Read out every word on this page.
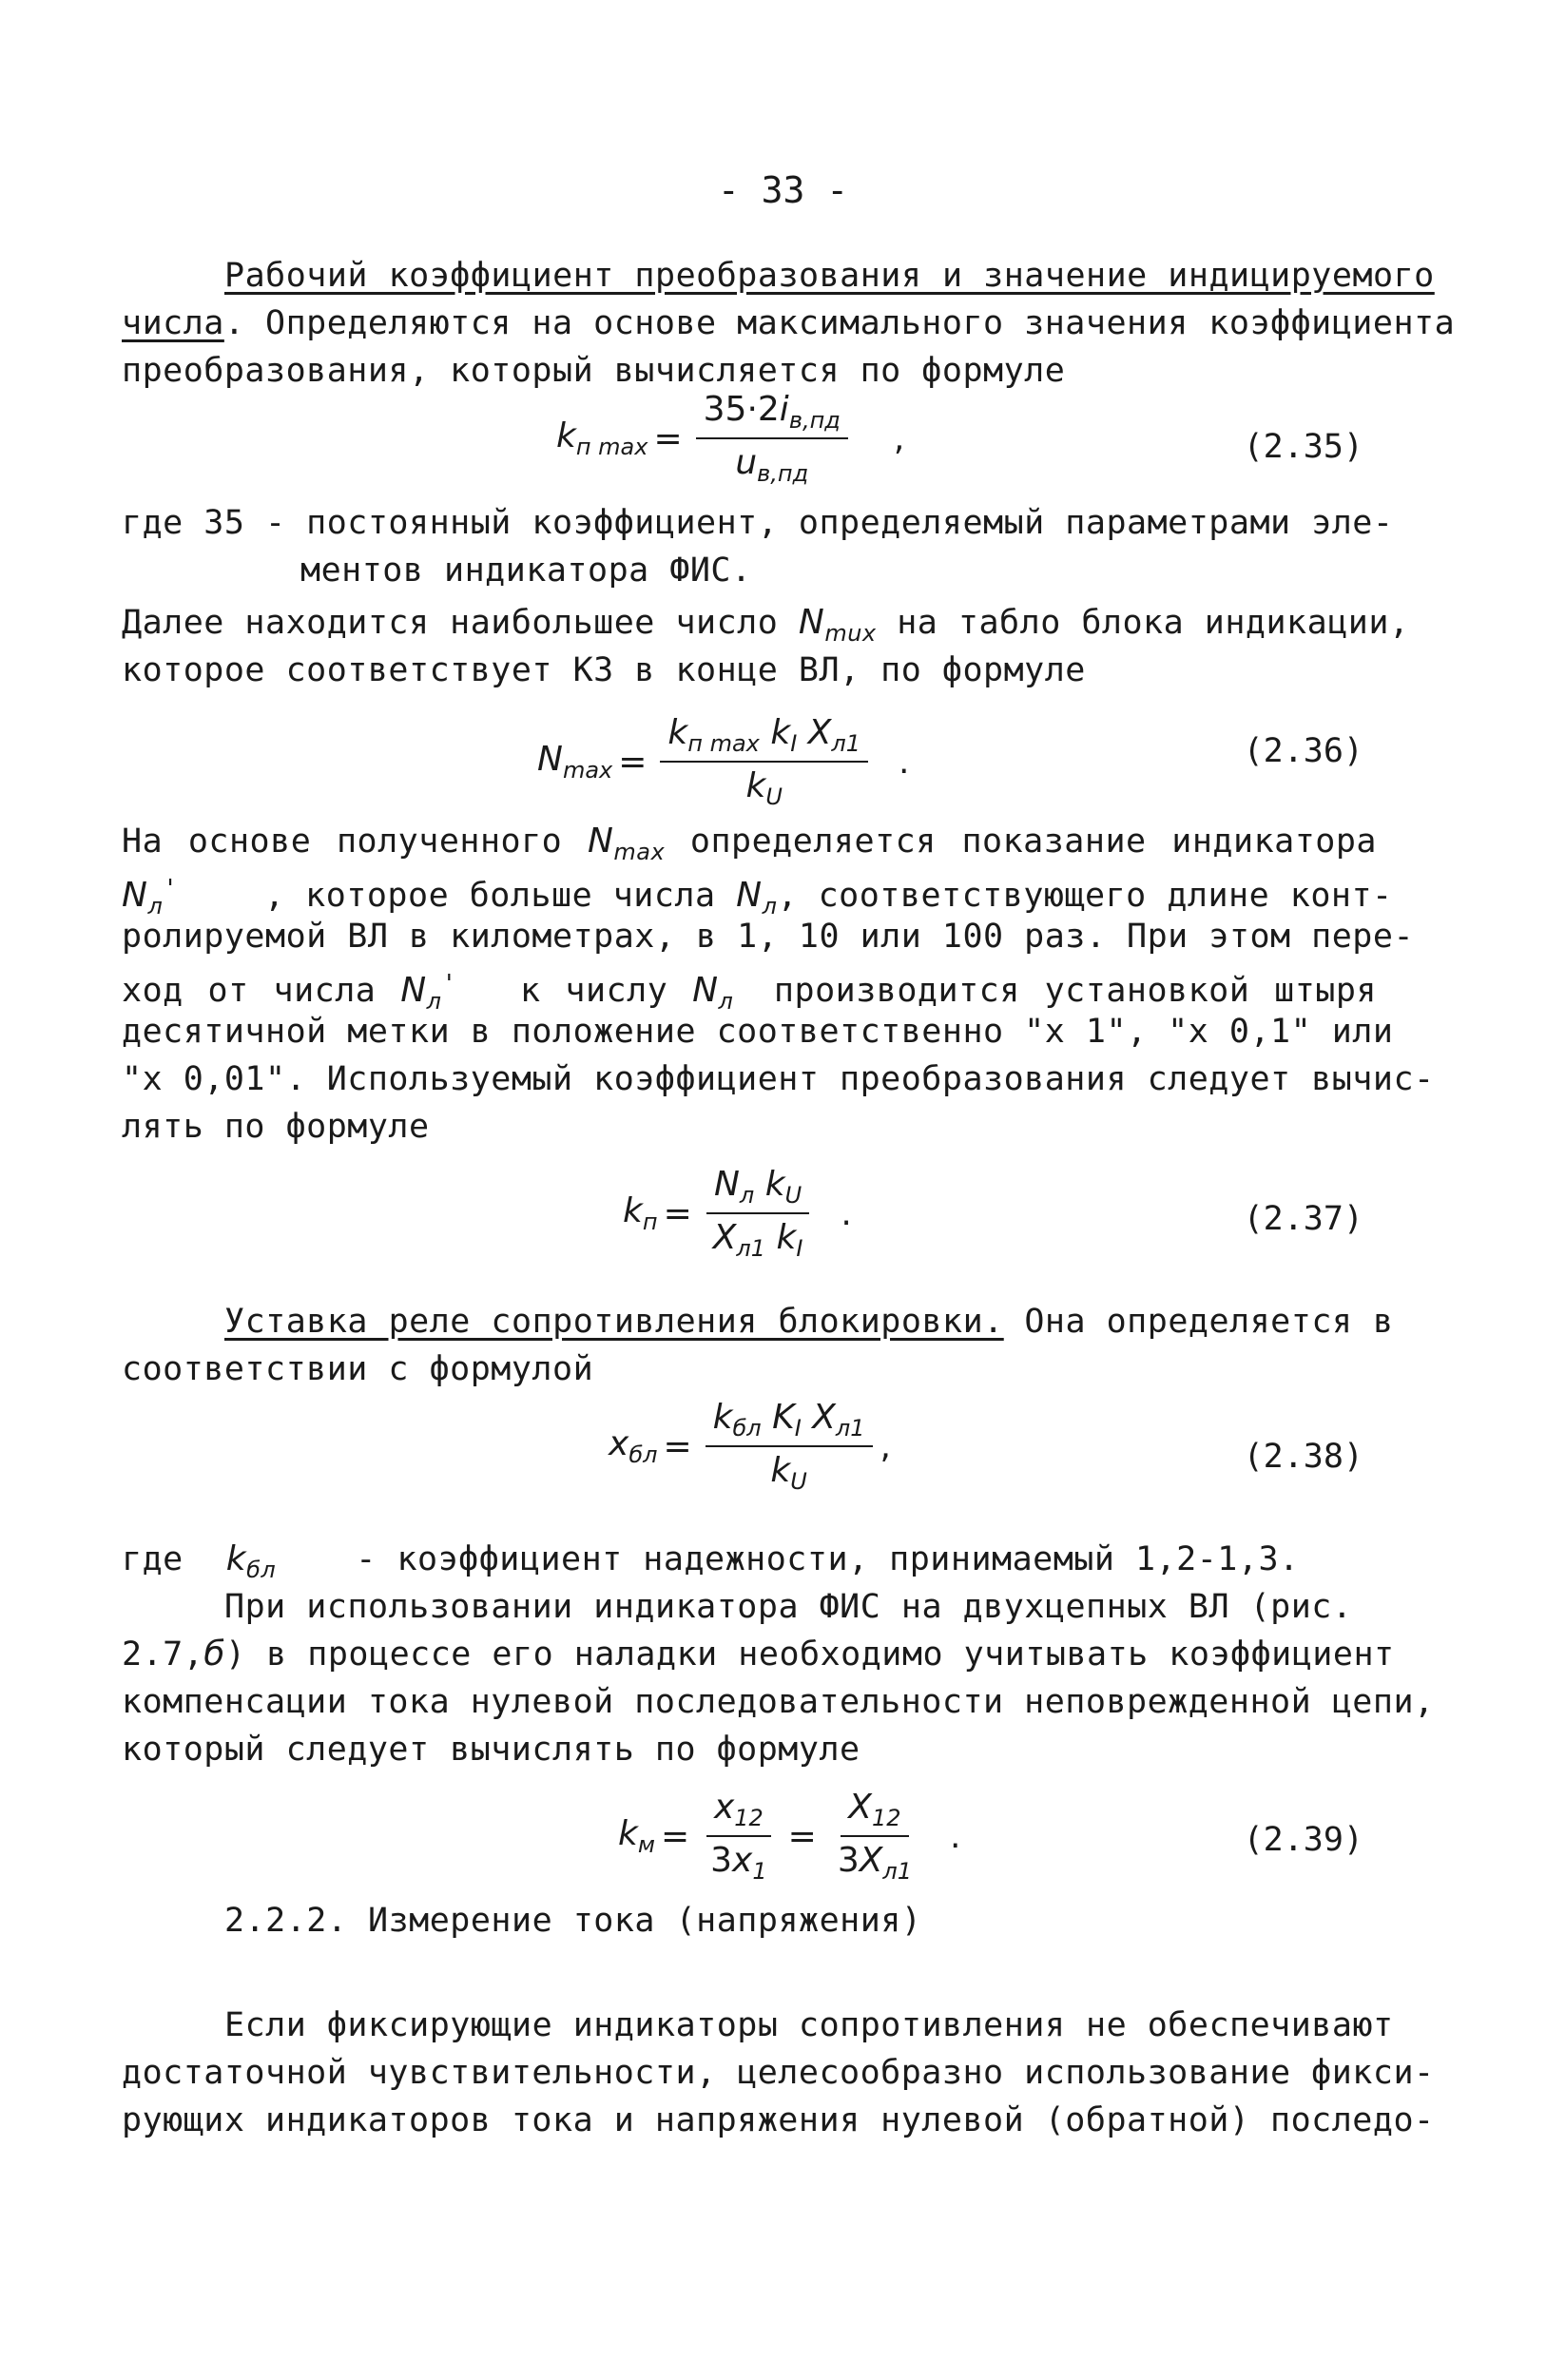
- 33 -
Рабочий коэффициент преобразования и значение индицируемого
числа. Определяются на основе максимального значения коэффициента
преобразования, который вычисляется по формуле
$k_{п max} = \frac{35\cdot 2i_{в,пд}}{u_{в,пд}}$ ,	(2.35)
где 35 - постоянный коэффициент, определяемый параметрами эле-
ментов индикатора ФИС.
Далее находится наибольшее число $N_{mux}$ на табло блока индикации,
которое соответствует КЗ в конце ВЛ, по формуле
$N_{max} = \frac{k_{п max} k_I X_{л1}}{k_U}$ .	(2.36)
На основе полученного $N_{max}$ определяется показание индикатора
$N_л'$	, которое больше числа $N_л$, соответствующего длине конт-
ролируемой ВЛ в километрах, в 1, 10 или 100 раз. При этом пере-
ход от числа $N_л'$ к числу $N_л$ производится установкой штыря
десятичной метки в положение соответственно "x 1", "x 0,1" или
"x 0,01". Используемый коэффициент преобразования следует вычис-
лять по формуле
$k_п = \frac{N_л k_U}{X_{л1} k_I}$ .	(2.37)
Уставка реле сопротивления блокировки. Она определяется в
соответствии с формулой
$x_{бл} = \frac{k_{бл} K_I X_{л1}}{k_U}$ ,	(2.38)
где $k_{бл}$ - коэффициент надежности, принимаемый 1,2-1,3.
При использовании индикатора ФИС на двухцепных ВЛ (рис.
2.7,б) в процессе его наладки необходимо учитывать коэффициент
компенсации тока нулевой последовательности неповрежденной цепи,
который следует вычислять по формуле
$k_м = \frac{x_{12}}{3x_1} = \frac{X_{12}}{3X_{л1}}$ .	(2.39)
2.2.2. Измерение тока (напряжения)
Если фиксирующие индикаторы сопротивления не обеспечивают
достаточной чувствительности, целесообразно использование фикси-
рующих индикаторов тока и напряжения нулевой (обратной) последо-
